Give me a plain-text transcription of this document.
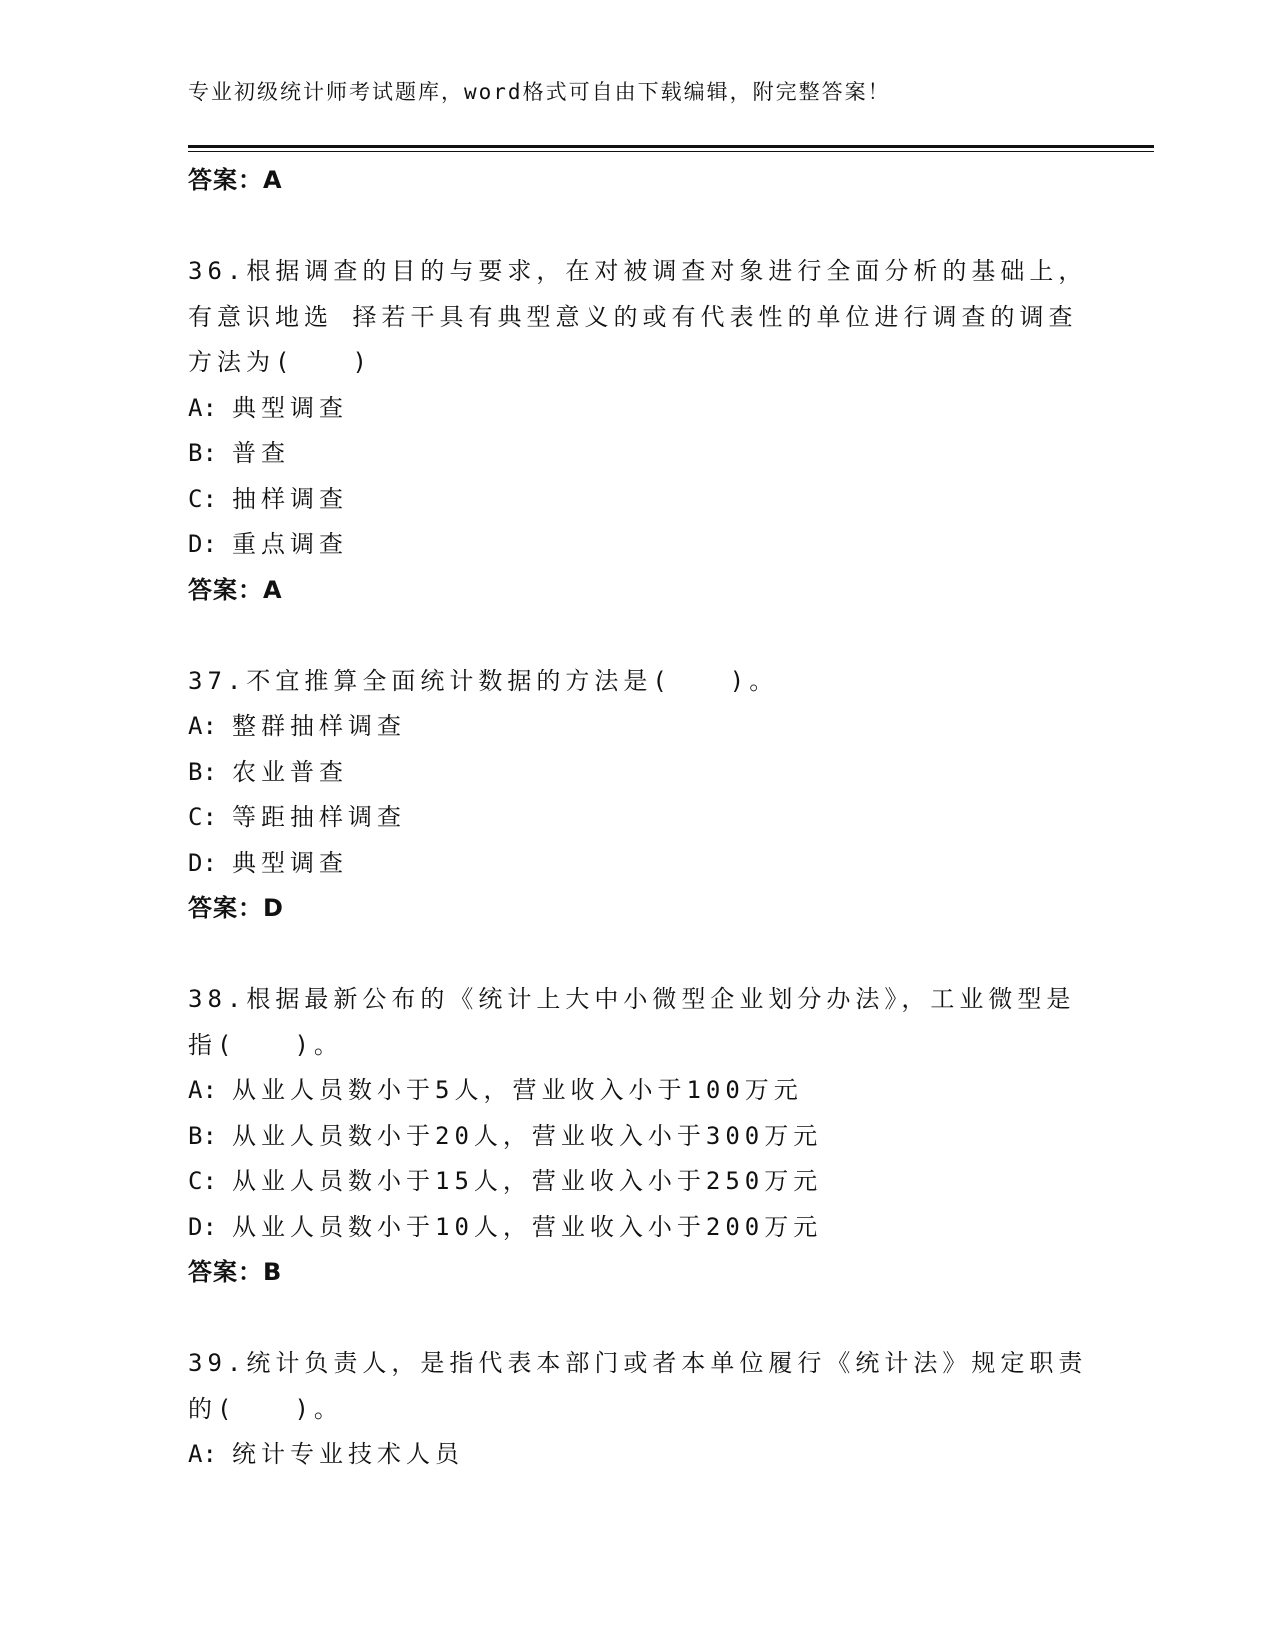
专业初级统计师考试题库，word格式可自由下载编辑，附完整答案！
答案：A
36.根据调查的目的与要求，在对被调查对象进行全面分析的基础上，
有意识地选 择若干具有典型意义的或有代表性的单位进行调查的调查
方法为(　　)
A: 典型调查
B: 普查
C: 抽样调查
D: 重点调查
答案：A
37.不宜推算全面统计数据的方法是(　　)。
A: 整群抽样调查
B: 农业普查
C: 等距抽样调查
D: 典型调查
答案：D
38.根据最新公布的《统计上大中小微型企业划分办法》，工业微型是
指(　　)。
A: 从业人员数小于5人，营业收入小于100万元
B: 从业人员数小于20人，营业收入小于300万元
C: 从业人员数小于15人，营业收入小于250万元
D: 从业人员数小于10人，营业收入小于200万元
答案：B
39.统计负责人，是指代表本部门或者本单位履行《统计法》规定职责
的(　　)。
A: 统计专业技术人员
